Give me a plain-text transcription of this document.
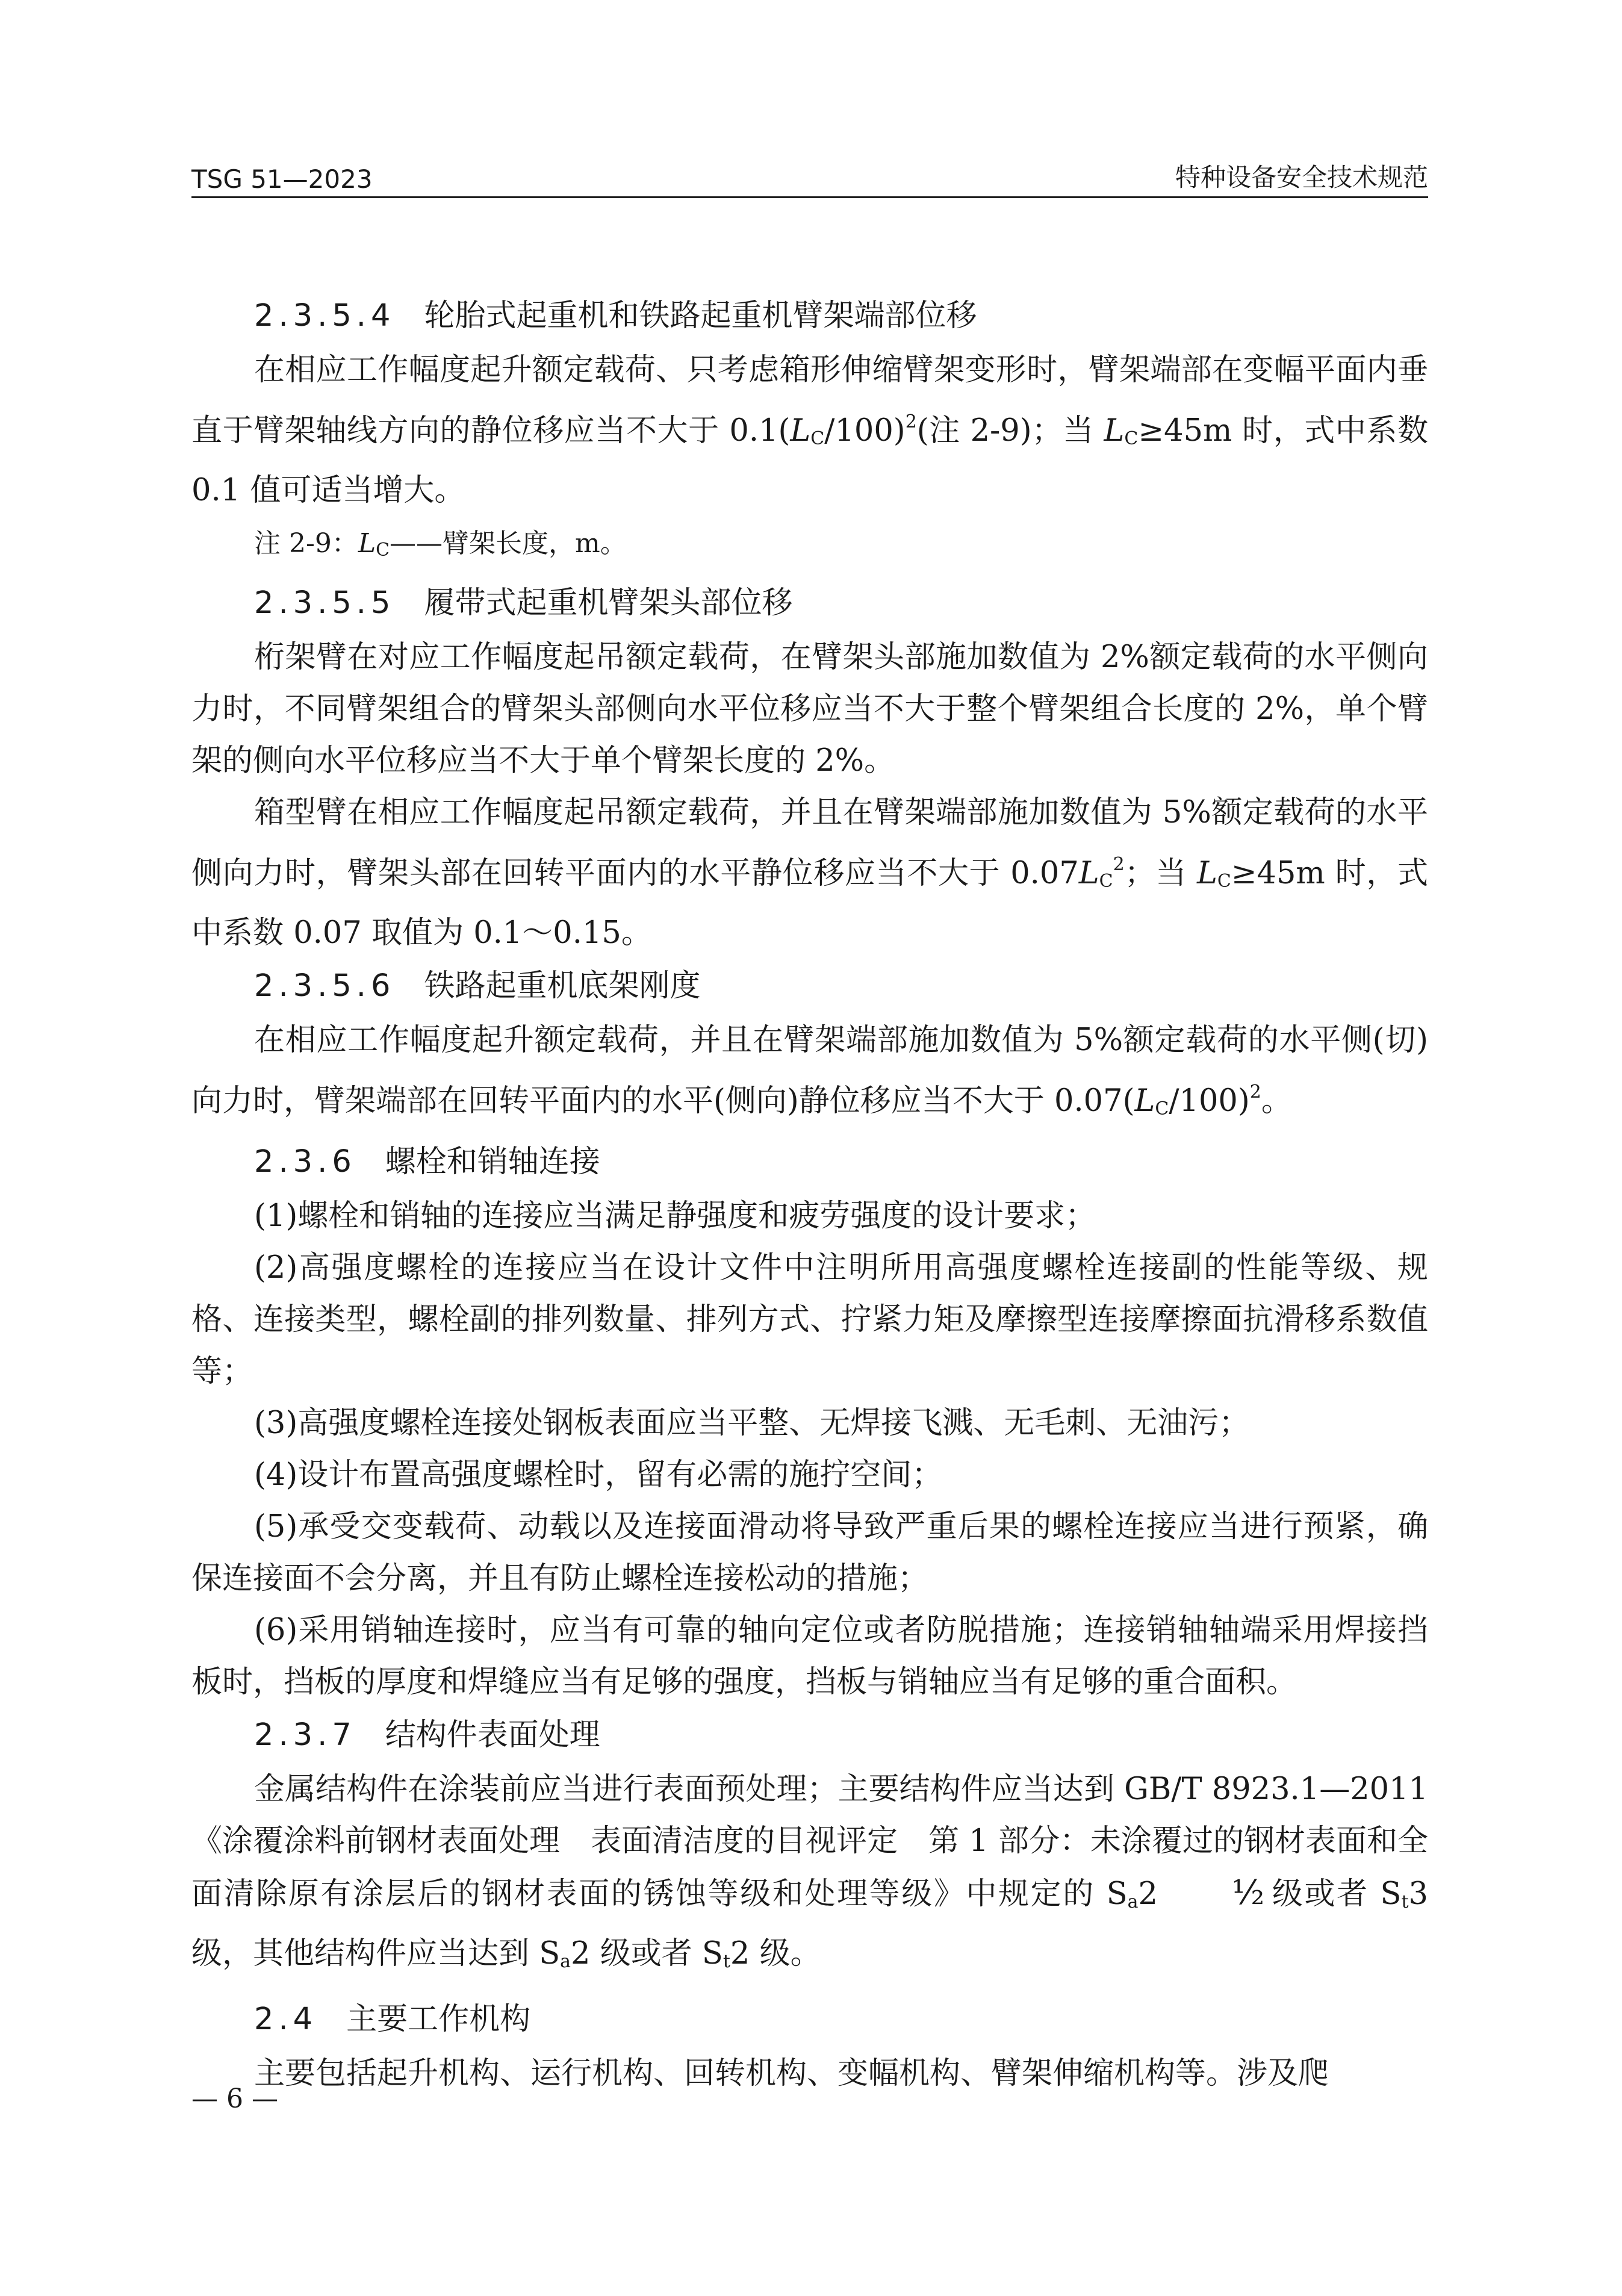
TSG 51—2023	特种设备安全技术规范
2.3.5.4 轮胎式起重机和铁路起重机臂架端部位移

在相应工作幅度起升额定载荷、只考虑箱形伸缩臂架变形时，臂架端部在变幅平面内垂直于臂架轴线方向的静位移应当不大于 $0.1(L_C/100)^2$(注 2-9)；当 $L_C\ge 45m$ 时，式中系数 0.1 值可适当增大。

注 2-9：$L_C——$臂架长度，m。
2.3.5.5 履带式起重机臂架头部位移

桁架臂在对应工作幅度起吊额定载荷，在臂架头部施加数值为 2%额定载荷的水平侧向力时，不同臂架组合的臂架头部侧向水平位移应当不大于整个臂架组合长度的 2%，单个臂架的侧向水平位移应当不大于单个臂架长度的 2%。

箱型臂在相应工作幅度起吊额定载荷，并且在臂架端部施加数值为 5%额定载荷的水平侧向力时，臂架头部在回转平面内的水平静位移应当不大于 $0.07L_C^2$；当 $L_C\ge 45m$ 时，式中系数 0.07 取值为 0.1～0.15。

2.3.5.6 铁路起重机底架刚度

在相应工作幅度起升额定载荷，并且在臂架端部施加数值为 5%额定载荷的水平侧(切)向力时，臂架端部在回转平面内的水平(侧向)静位移应当不大于 $0.07(L_C/100)^2$。

2.3.6 螺栓和销轴连接

(1)螺栓和销轴的连接应当满足静强度和疲劳强度的设计要求；

(2)高强度螺栓的连接应当在设计文件中注明所用高强度螺栓连接副的性能等级、规格、连接类型，螺栓副的排列数量、排列方式、拧紧力矩及摩擦型连接摩擦面抗滑移系数值等；

(3)高强度螺栓连接处钢板表面应当平整、无焊接飞溅、无毛刺、无油污；

(4)设计布置高强度螺栓时，留有必需的施拧空间；

(5)承受交变载荷、动载以及连接面滑动将导致严重后果的螺栓连接应当进行预紧，确保连接面不会分离，并且有防止螺栓连接松动的措施；

(6)采用销轴连接时，应当有可靠的轴向定位或者防脱措施；连接销轴轴端采用焊接挡板时，挡板的厚度和焊缝应当有足够的强度，挡板与销轴应当有足够的重合面积。

2.3.7 结构件表面处理

金属结构件在涂装前应当进行表面预处理；主要结构件应当达到 GB/T 8923.1—2011《涂覆涂料前钢材表面处理　表面清洁度的目视评定　第 1 部分：未涂覆过的钢材表面和全面清除原有涂层后的钢材表面的锈蚀等级和处理等级》中规定的 $S_a2$ ½ 级或者 $S_t3$ 级，其他结构件应当达到 $S_a2$ 级或者 $S_t2$ 级。

2.4 主要工作机构

主要包括起升机构、运行机构、回转机构、变幅机构、臂架伸缩机构等。涉及爬

— 6 —
